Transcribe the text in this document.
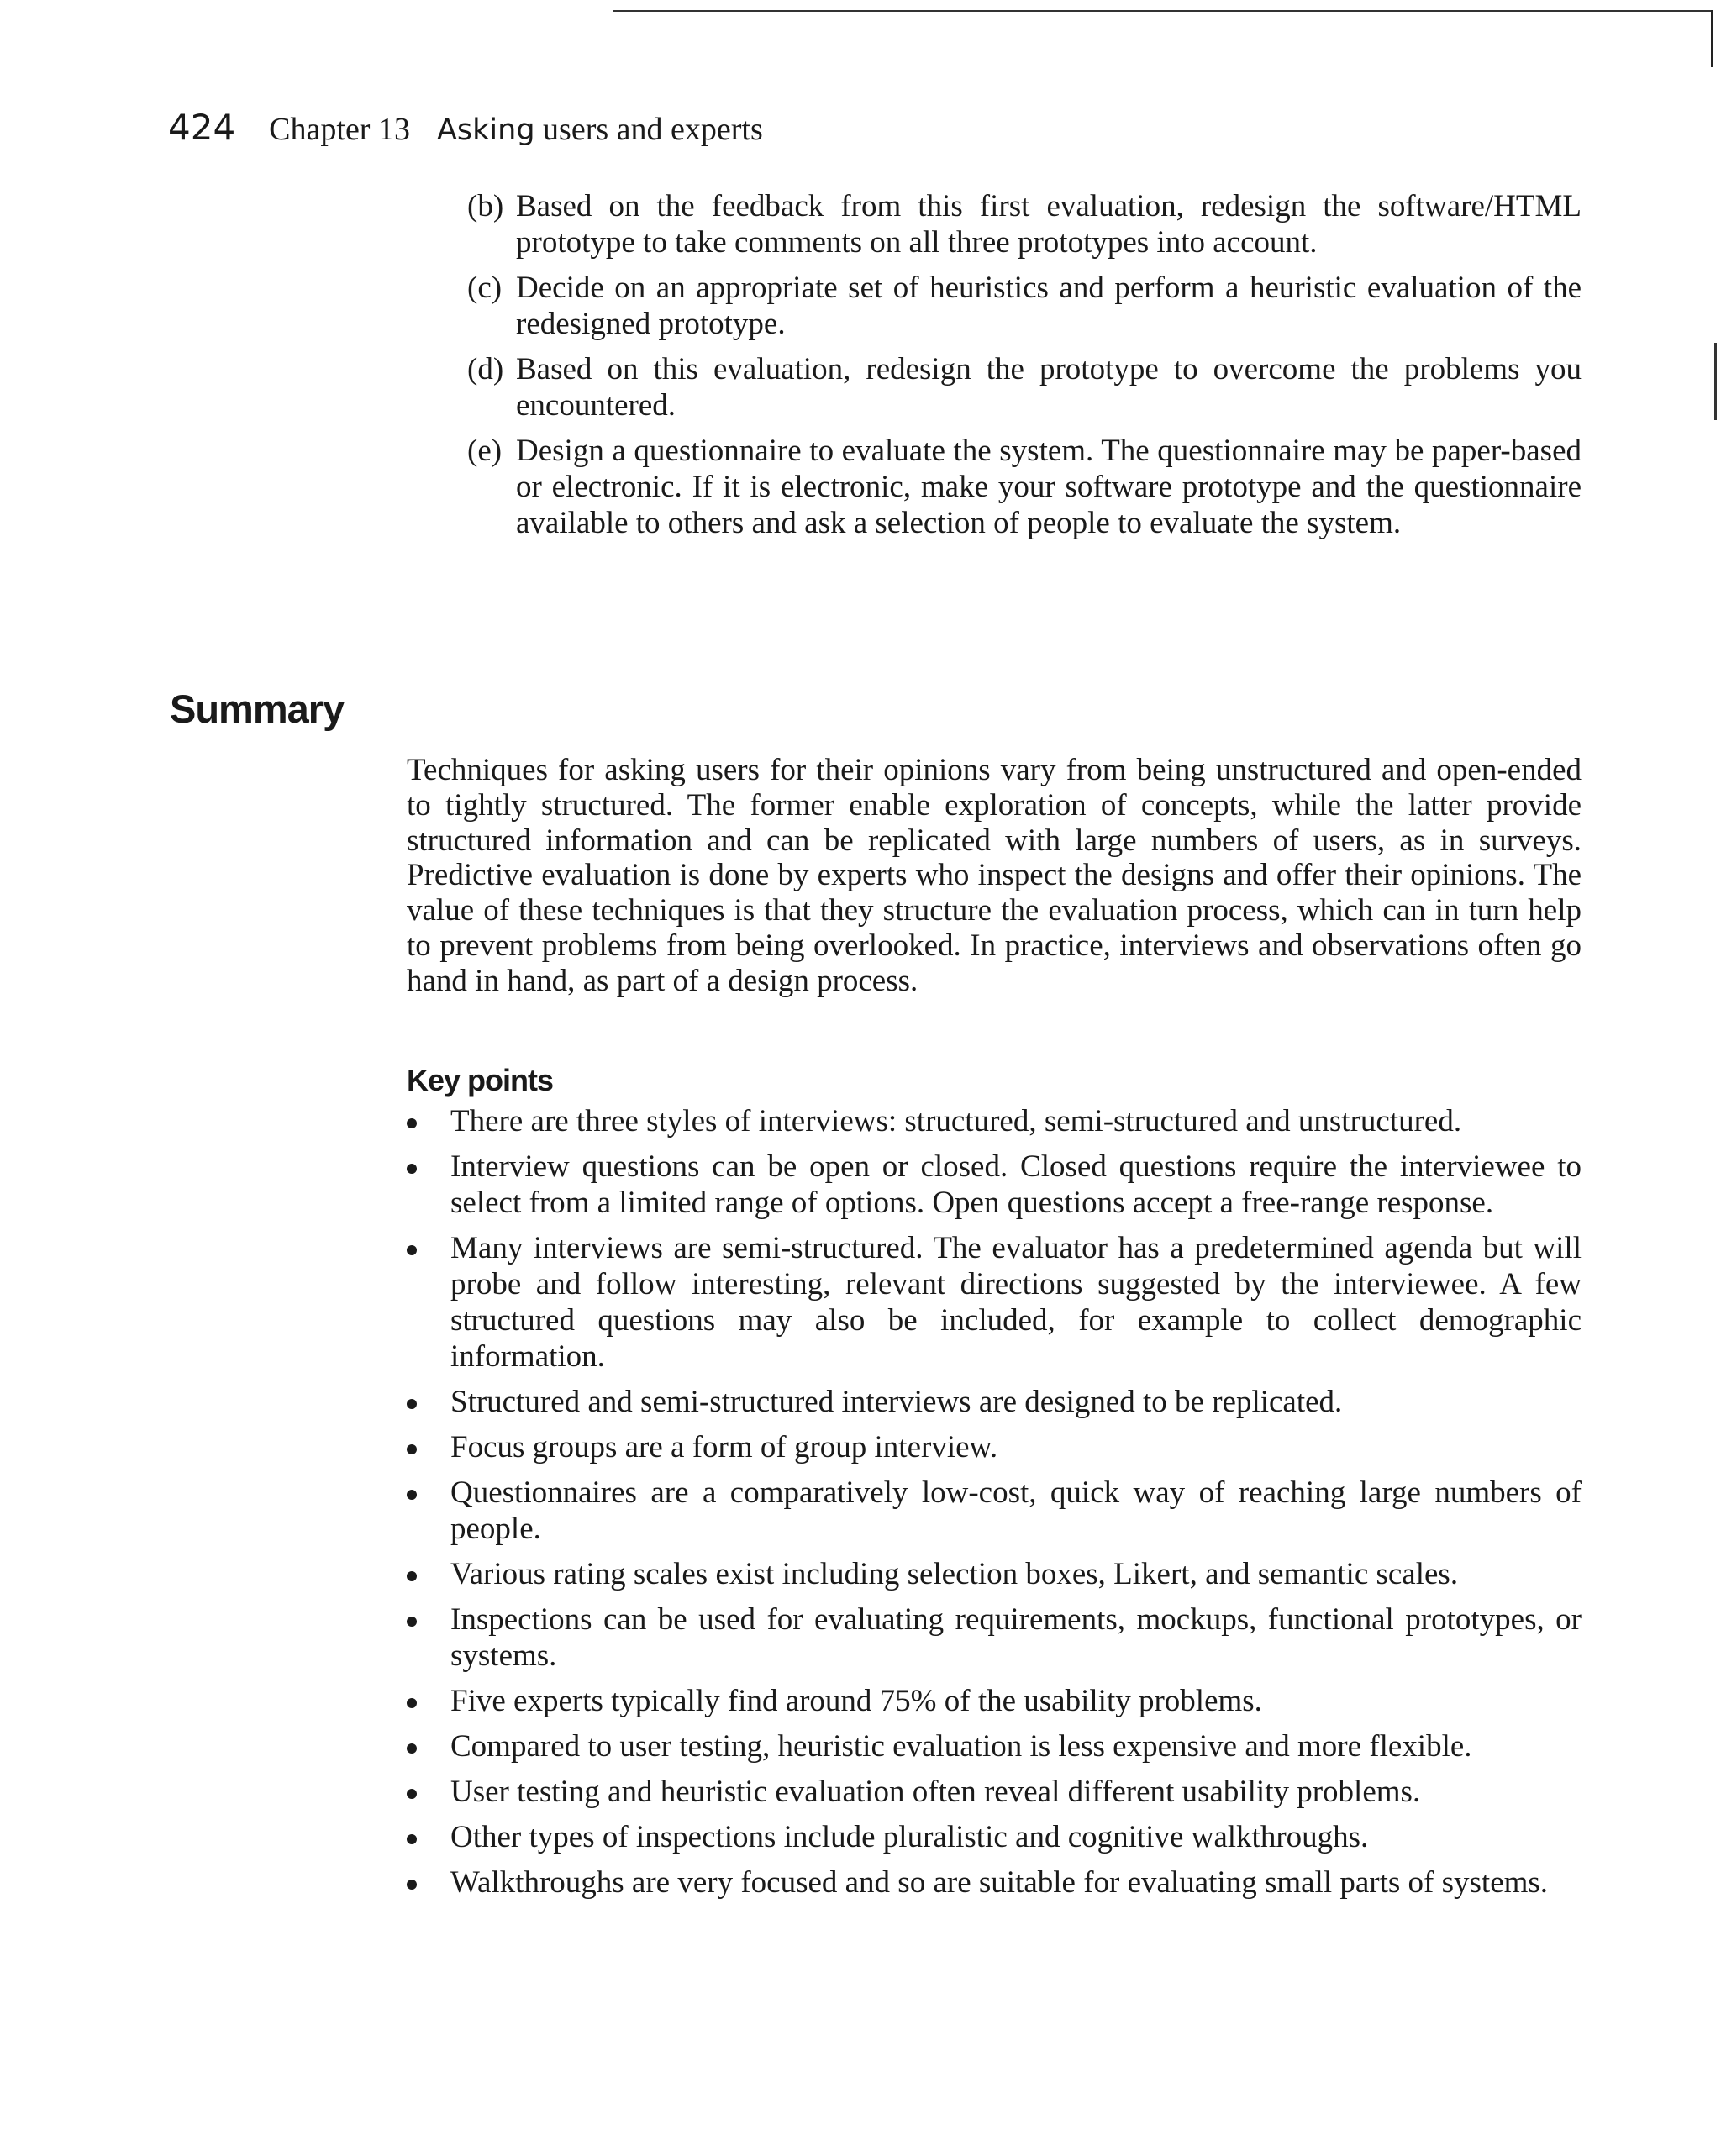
424 Chapter 13 Asking users and experts
(b) Based on the feedback from this first evaluation, redesign the software/HTML prototype to take comments on all three prototypes into account.
(c) Decide on an appropriate set of heuristics and perform a heuristic evaluation of the redesigned prototype.
(d) Based on this evaluation, redesign the prototype to overcome the problems you encountered.
(e) Design a questionnaire to evaluate the system. The questionnaire may be paper-based or electronic. If it is electronic, make your software prototype and the questionnaire available to others and ask a selection of people to evaluate the system.
Summary

Techniques for asking users for their opinions vary from being unstructured and open-ended to tightly structured. The former enable exploration of concepts, while the latter provide structured information and can be replicated with large numbers of users, as in surveys. Predictive evaluation is done by experts who inspect the designs and offer their opinions. The value of these techniques is that they structure the evaluation process, which can in turn help to prevent problems from being overlooked. In practice, interviews and observations often go hand in hand, as part of a design process.

Key points
There are three styles of interviews: structured, semi-structured and unstructured.
Interview questions can be open or closed. Closed questions require the interviewee to select from a limited range of options. Open questions accept a free-range response.
Many interviews are semi-structured. The evaluator has a predetermined agenda but will probe and follow interesting, relevant directions suggested by the interviewee. A few structured questions may also be included, for example to collect demographic information.
Structured and semi-structured interviews are designed to be replicated.
Focus groups are a form of group interview.
Questionnaires are a comparatively low-cost, quick way of reaching large numbers of people.
Various rating scales exist including selection boxes, Likert, and semantic scales.
Inspections can be used for evaluating requirements, mockups, functional prototypes, or systems.
Five experts typically find around 75% of the usability problems.
Compared to user testing, heuristic evaluation is less expensive and more flexible.
User testing and heuristic evaluation often reveal different usability problems.
Other types of inspections include pluralistic and cognitive walkthroughs.
Walkthroughs are very focused and so are suitable for evaluating small parts of systems.
